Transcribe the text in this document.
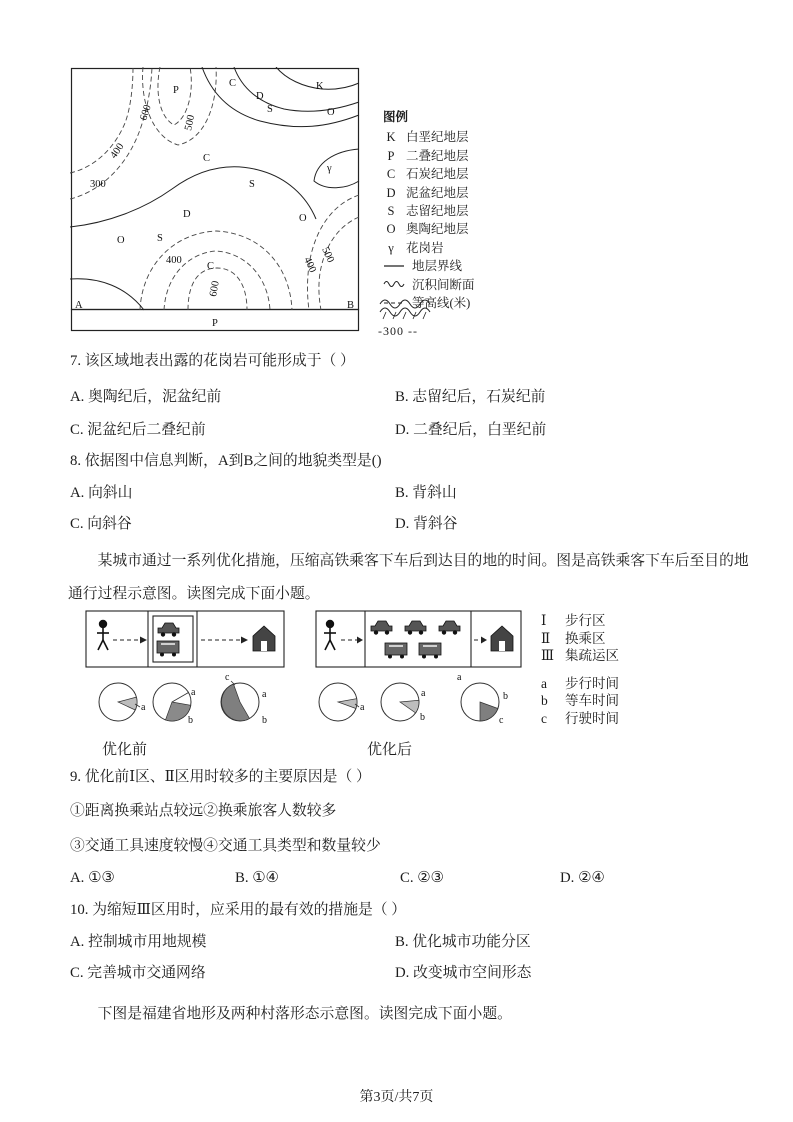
P
C
D
S
K
O
600
500
400
300
C
γ
S
D	O
O	S
400
C
500
400
600
A	B
P
图例
K 白垩纪地层
P 二叠纪地层
C 石炭纪地层
D 泥盆纪地层
S 志留纪地层
O 奥陶纪地层
γ 花岗岩
地层界线
沉积间断面
等高线(米)
-300 --
7. 该区域地表出露的花岗岩可能形成于（ ）
A. 奥陶纪后，泥盆纪前	B. 志留纪后，石炭纪前
C. 泥盆纪后二叠纪前	D. 二叠纪后，白垩纪前
8. 依据图中信息判断，A到B之间的地貌类型是()
A. 向斜山	B. 背斜山
C. 向斜谷	D. 背斜谷
某城市通过一系列优化措施，压缩高铁乘客下车后到达目的地的时间。图是高铁乘客下车后至目的地通行过程示意图。读图完成下面小题。
a
a
b
c
a
b
a
a
b
a
b
c
Ⅰ	步行区
Ⅱ	换乘区
Ⅲ 集疏运区
a	步行时间
b	等车时间
c	行驶时间
优化前	优化后
9. 优化前Ⅰ区、Ⅱ区用时较多的主要原因是（ ）
①距离换乘站点较远②换乘旅客人数较多
③交通工具速度较慢④交通工具类型和数量较少
A. ①③	B. ①④	C. ②③	D. ②④
10. 为缩短Ⅲ区用时，应采用的最有效的措施是（ ）
A. 控制城市用地规模	B. 优化城市功能分区
C. 完善城市交通网络	D. 改变城市空间形态
下图是福建省地形及两种村落形态示意图。读图完成下面小题。
第3页/共7页
